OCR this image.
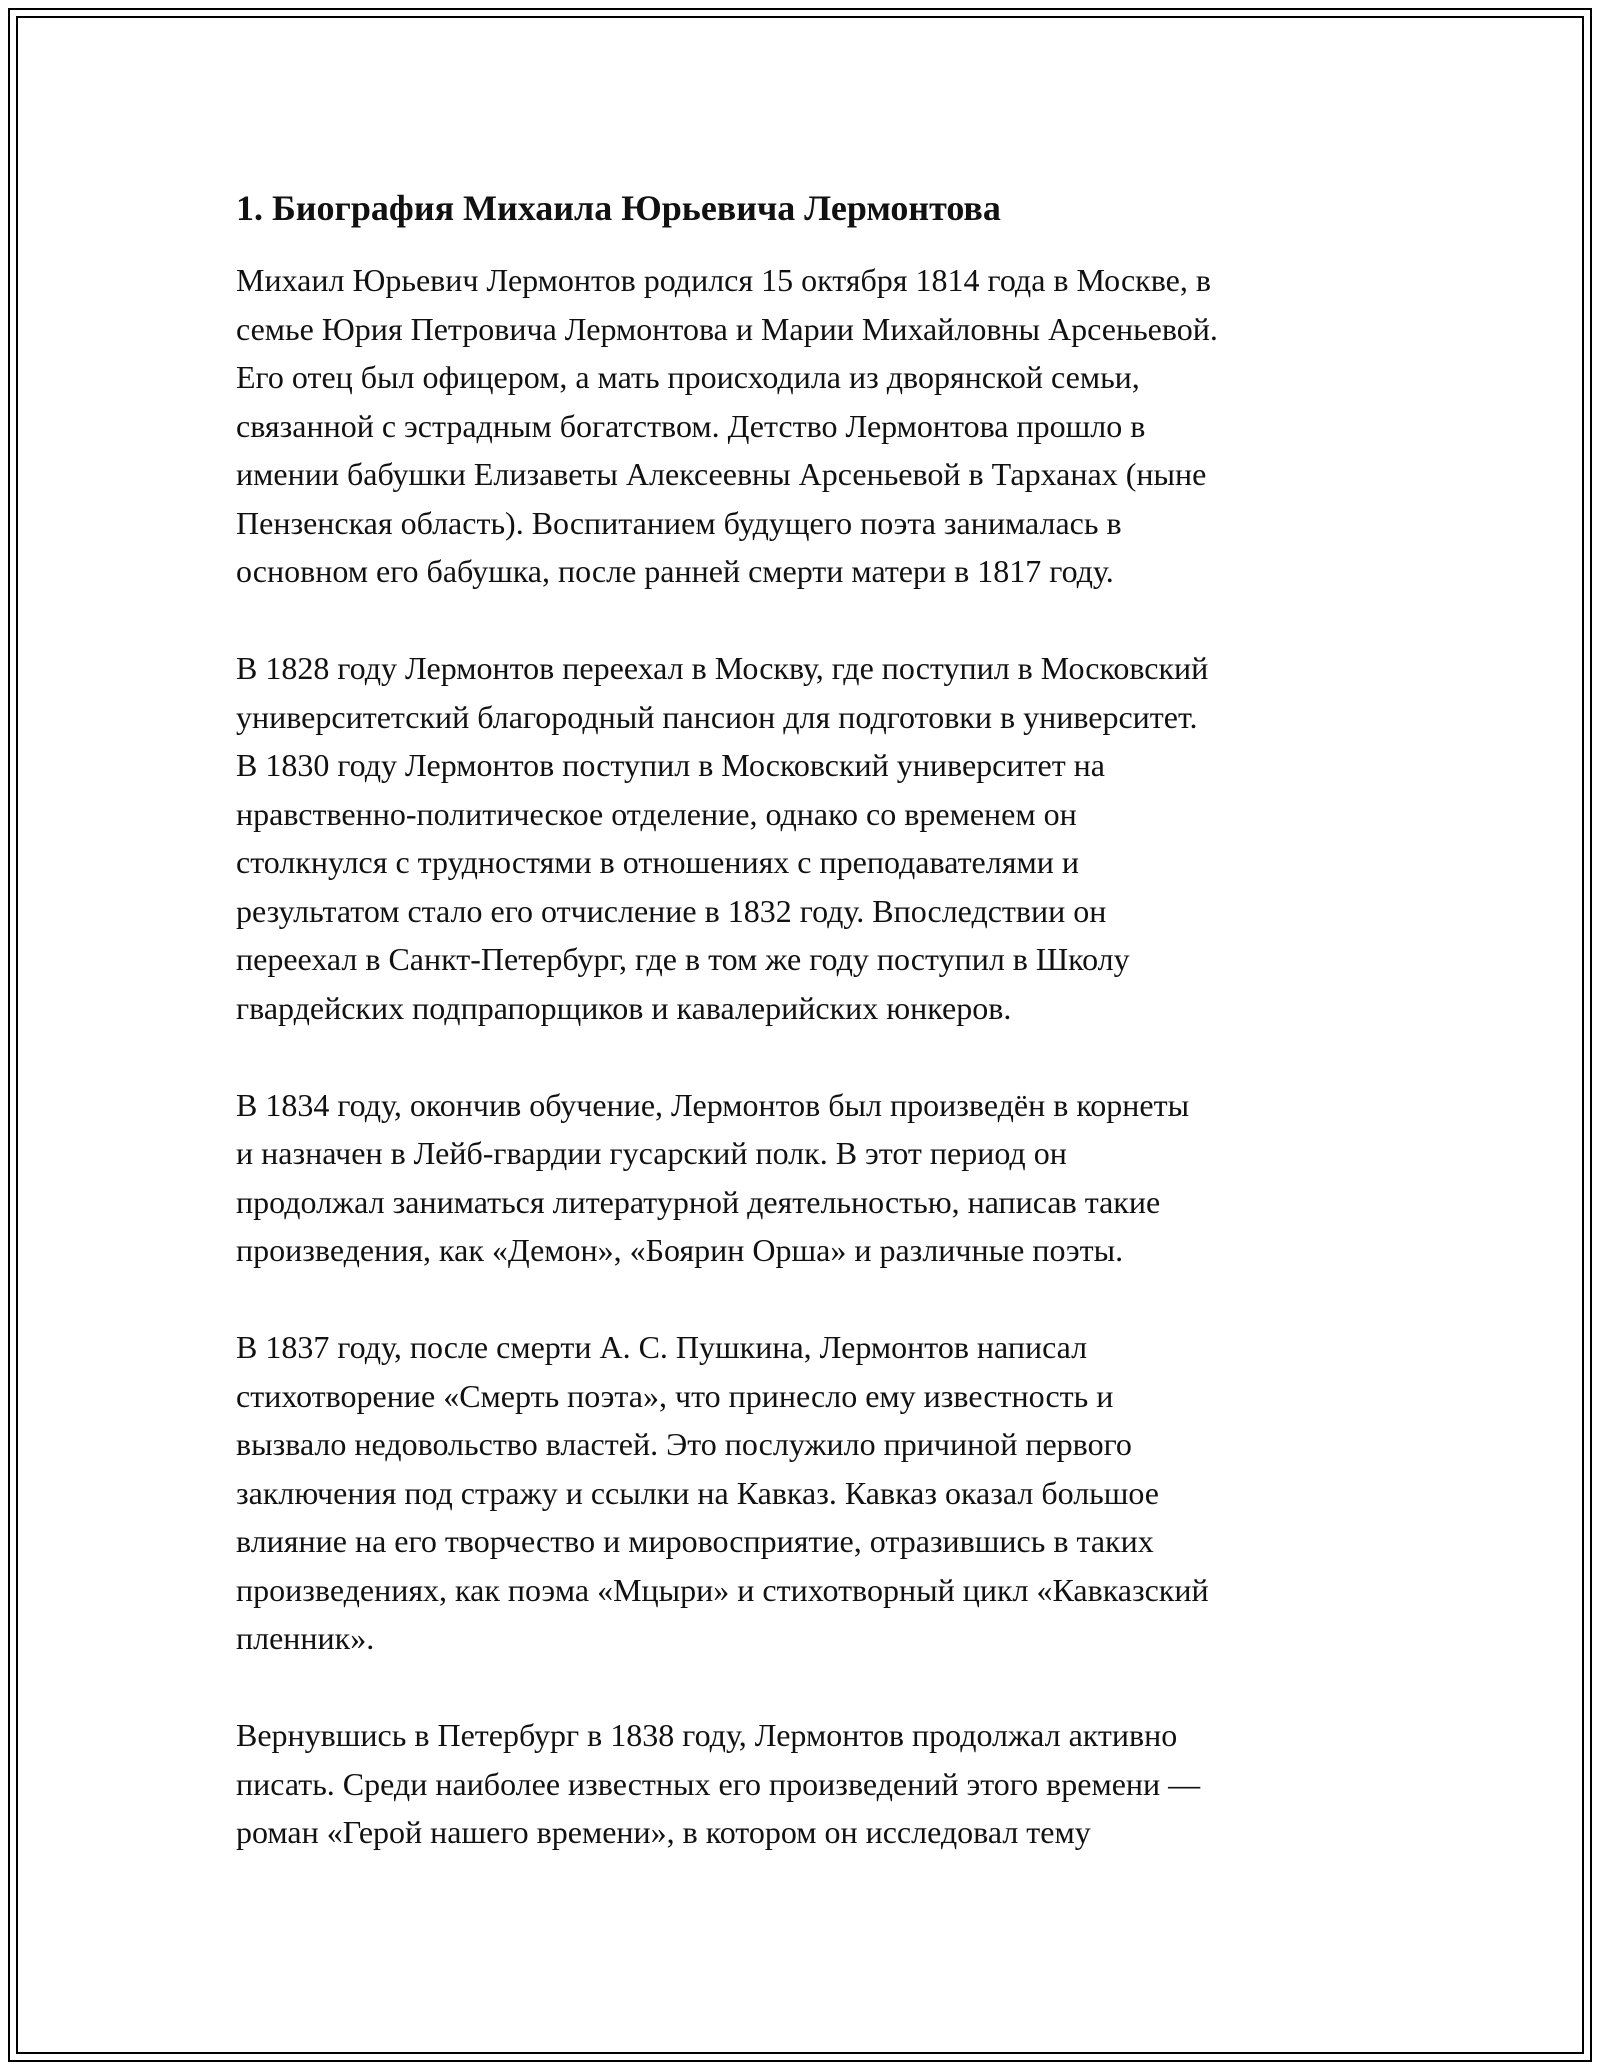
1. Биография Михаила Юрьевича Лермонтова

Михаил Юрьевич Лермонтов родился 15 октября 1814 года в Москве, в
семье Юрия Петровича Лермонтова и Марии Михайловны Арсеньевой.
Его отец был офицером, а мать происходила из дворянской семьи,
связанной с эстрадным богатством. Детство Лермонтова прошло в
имении бабушки Елизаветы Алексеевны Арсеньевой в Тарханах (ныне
Пензенская область). Воспитанием будущего поэта занималась в
основном его бабушка, после ранней смерти матери в 1817 году.

В 1828 году Лермонтов переехал в Москву, где поступил в Московский
университетский благородный пансион для подготовки в университет.
В 1830 году Лермонтов поступил в Московский университет на
нравственно-политическое отделение, однако со временем он
столкнулся с трудностями в отношениях с преподавателями и
результатом стало его отчисление в 1832 году. Впоследствии он
переехал в Санкт-Петербург, где в том же году поступил в Школу
гвардейских подпрапорщиков и кавалерийских юнкеров.

В 1834 году, окончив обучение, Лермонтов был произведён в корнеты
и назначен в Лейб-гвардии гусарский полк. В этот период он
продолжал заниматься литературной деятельностью, написав такие
произведения, как «Демон», «Боярин Орша» и различные поэты.

В 1837 году, после смерти А. С. Пушкина, Лермонтов написал
стихотворение «Смерть поэта», что принесло ему известность и
вызвало недовольство властей. Это послужило причиной первого
заключения под стражу и ссылки на Кавказ. Кавказ оказал большое
влияние на его творчество и мировосприятие, отразившись в таких
произведениях, как поэма «Мцыри» и стихотворный цикл «Кавказский
пленник».

Вернувшись в Петербург в 1838 году, Лермонтов продолжал активно
писать. Среди наиболее известных его произведений этого времени —
роман «Герой нашего времени», в котором он исследовал тему
